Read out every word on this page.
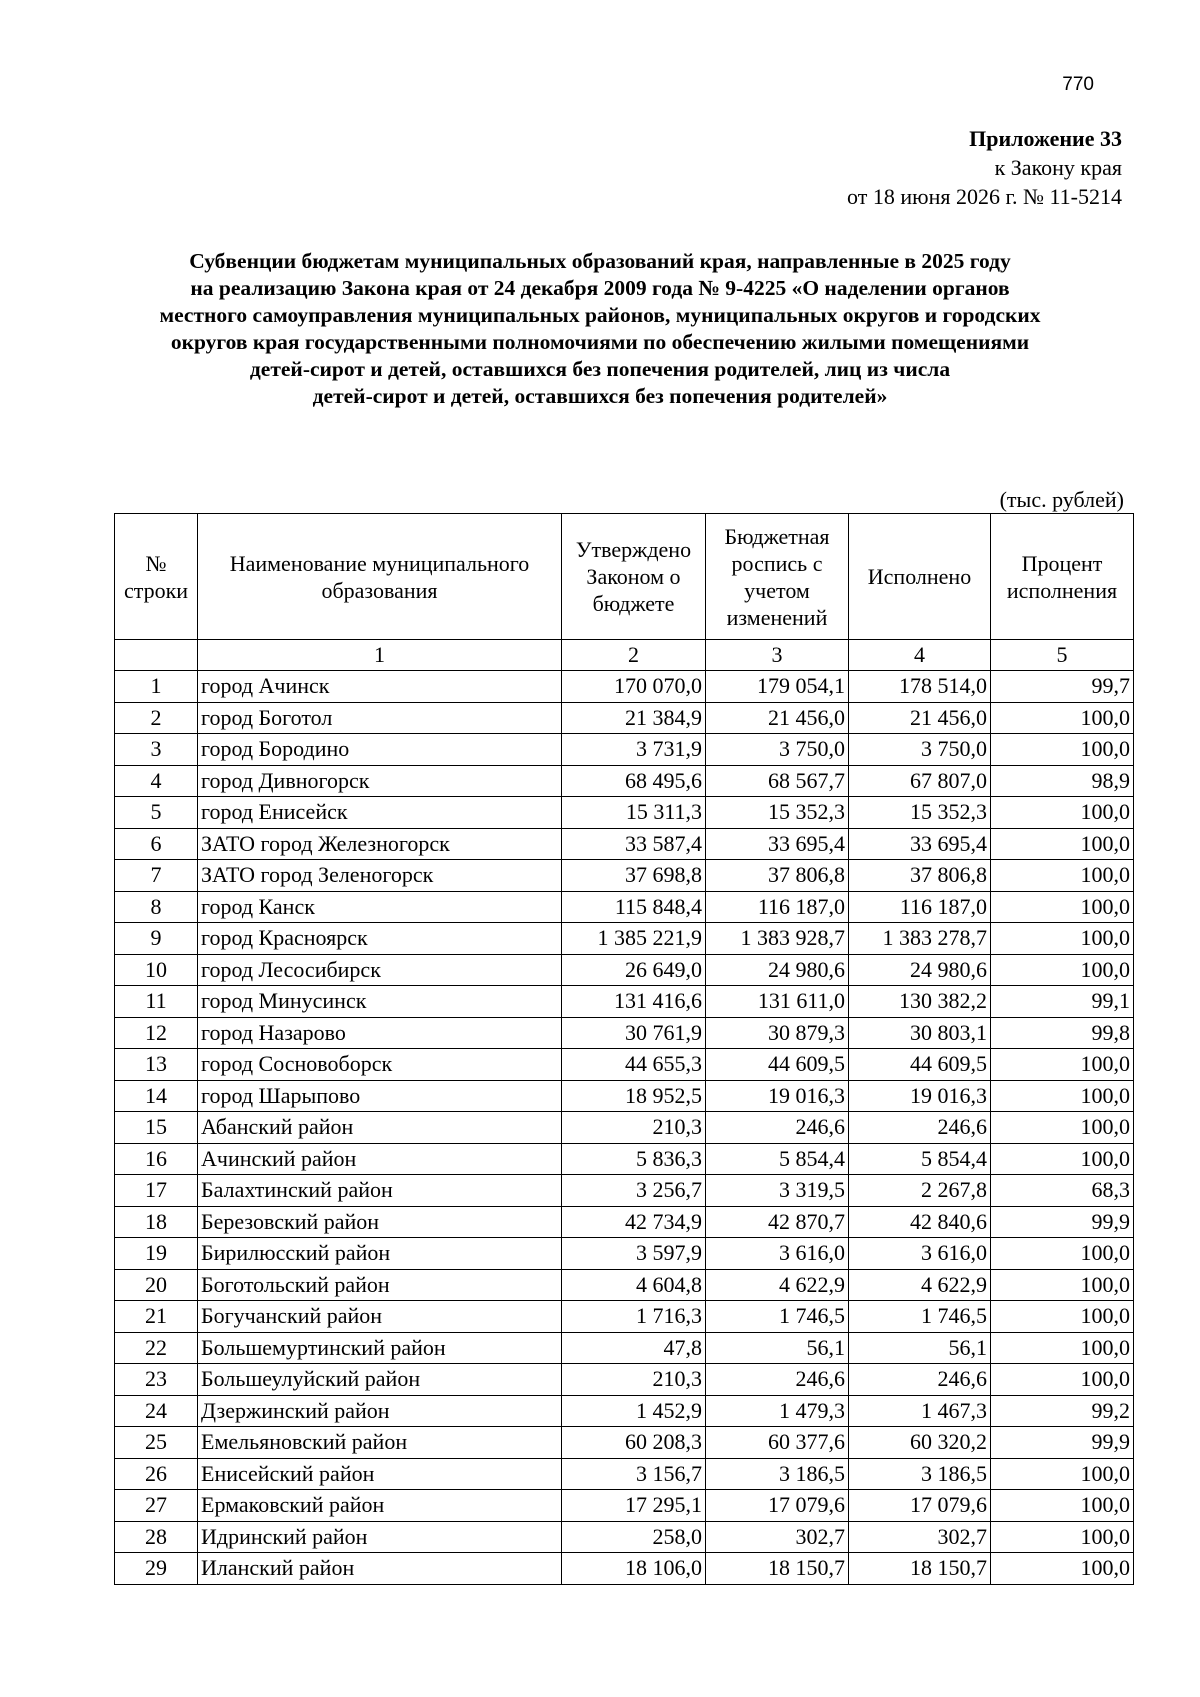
770
Приложение 33
к Закону края
от 18 июня 2026 г. № 11-5214
Субвенции бюджетам муниципальных образований края, направленные в 2025 году
на реализацию Закона края от 24 декабря 2009 года № 9-4225 «О наделении органов
местного самоуправления муниципальных районов, муниципальных округов и городских
округов края государственными полномочиями по обеспечению жилыми помещениями
детей-сирот и детей, оставшихся без попечения родителей, лиц из числа
детей-сирот и детей, оставшихся без попечения родителей»
(тыс. рублей)
№ строки	Наименование муниципального образования	Утверждено Законом о бюджете	Бюджетная роспись с учетом изменений	Исполнено	Процент исполнения
	1	2	3	4	5
1	город Ачинск	170 070,0	179 054,1	178 514,0	99,7
2	город Боготол	21 384,9	21 456,0	21 456,0	100,0
3	город Бородино	3 731,9	3 750,0	3 750,0	100,0
4	город Дивногорск	68 495,6	68 567,7	67 807,0	98,9
5	город Енисейск	15 311,3	15 352,3	15 352,3	100,0
6	ЗАТО город Железногорск	33 587,4	33 695,4	33 695,4	100,0
7	ЗАТО город Зеленогорск	37 698,8	37 806,8	37 806,8	100,0
8	город Канск	115 848,4	116 187,0	116 187,0	100,0
9	город Красноярск	1 385 221,9	1 383 928,7	1 383 278,7	100,0
10	город Лесосибирск	26 649,0	24 980,6	24 980,6	100,0
11	город Минусинск	131 416,6	131 611,0	130 382,2	99,1
12	город Назарово	30 761,9	30 879,3	30 803,1	99,8
13	город Сосновоборск	44 655,3	44 609,5	44 609,5	100,0
14	город Шарыпово	18 952,5	19 016,3	19 016,3	100,0
15	Абанский район	210,3	246,6	246,6	100,0
16	Ачинский район	5 836,3	5 854,4	5 854,4	100,0
17	Балахтинский район	3 256,7	3 319,5	2 267,8	68,3
18	Березовский район	42 734,9	42 870,7	42 840,6	99,9
19	Бирилюсский район	3 597,9	3 616,0	3 616,0	100,0
20	Боготольский район	4 604,8	4 622,9	4 622,9	100,0
21	Богучанский район	1 716,3	1 746,5	1 746,5	100,0
22	Большемуртинский район	47,8	56,1	56,1	100,0
23	Большеулуйский район	210,3	246,6	246,6	100,0
24	Дзержинский район	1 452,9	1 479,3	1 467,3	99,2
25	Емельяновский район	60 208,3	60 377,6	60 320,2	99,9
26	Енисейский район	3 156,7	3 186,5	3 186,5	100,0
27	Ермаковский район	17 295,1	17 079,6	17 079,6	100,0
28	Идринский район	258,0	302,7	302,7	100,0
29	Иланский район	18 106,0	18 150,7	18 150,7	100,0
